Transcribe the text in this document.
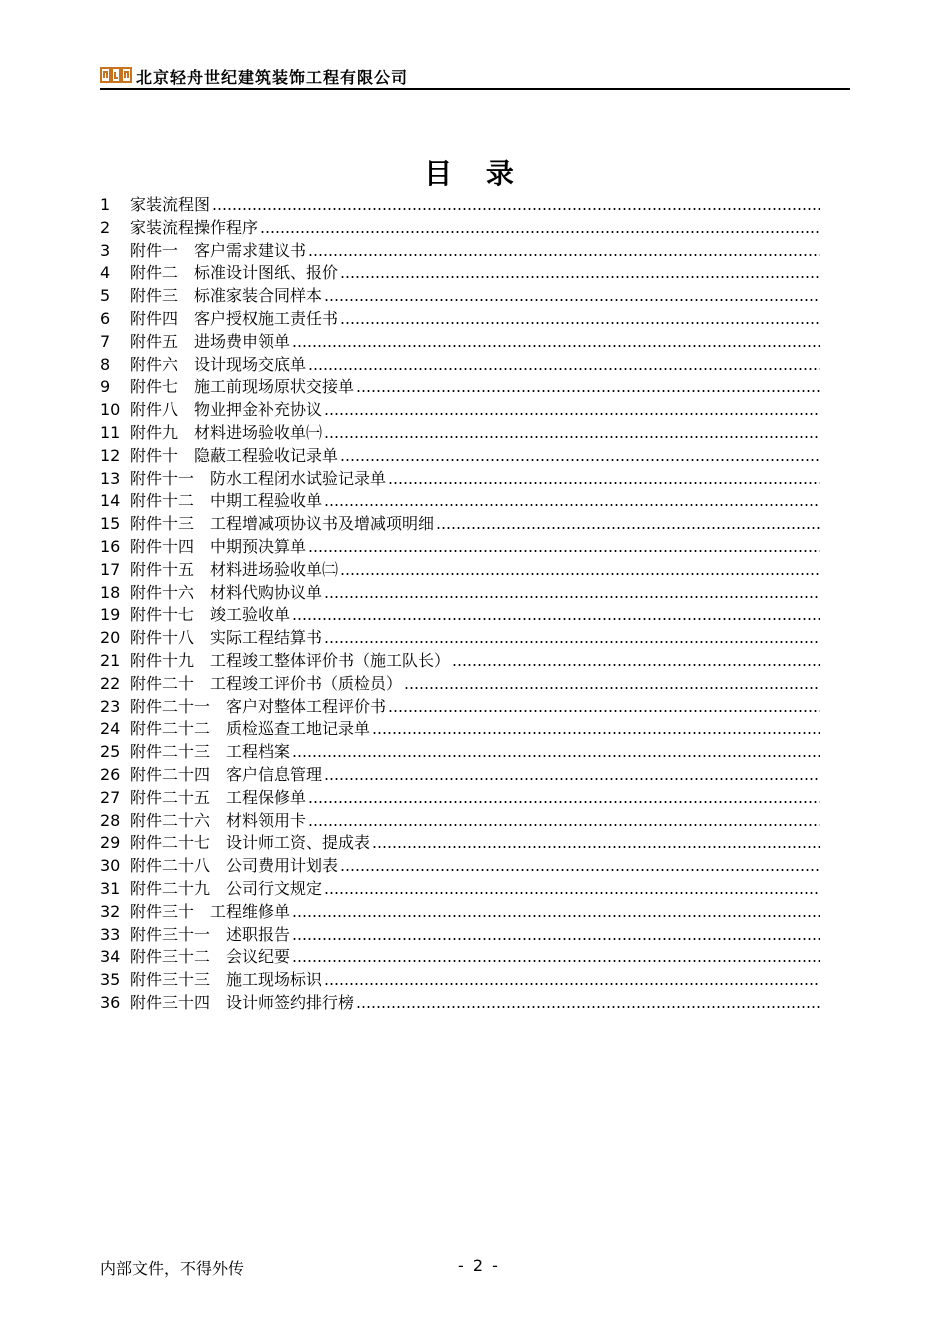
北京轻舟世纪建筑装饰工程有限公司
目 录
1	家装流程图
2	家装流程操作程序
3	附件一 客户需求建议书
4	附件二 标准设计图纸、报价
5	附件三 标准家装合同样本
6	附件四 客户授权施工责任书
7	附件五 进场费申领单
8	附件六 设计现场交底单
9	附件七 施工前现场原状交接单
10 附件八 物业押金补充协议
11 附件九 材料进场验收单㈠
12 附件十 隐蔽工程验收记录单
13 附件十一 防水工程闭水试验记录单
14 附件十二 中期工程验收单
15 附件十三 工程增减项协议书及增减项明细
16 附件十四 中期预决算单
17 附件十五 材料进场验收单㈡
18 附件十六 材料代购协议单
19 附件十七 竣工验收单
20 附件十八 实际工程结算书
21 附件十九 工程竣工整体评价书（施工队长）
22 附件二十 工程竣工评价书（质检员）
23 附件二十一 客户对整体工程评价书
24 附件二十二 质检巡查工地记录单
25 附件二十三 工程档案
26 附件二十四 客户信息管理
27 附件二十五 工程保修单
28 附件二十六 材料领用卡
29 附件二十七 设计师工资、提成表
30 附件二十八 公司费用计划表
31 附件二十九 公司行文规定
32 附件三十 工程维修单
33 附件三十一 述职报告
34 附件三十二 会议纪要
35 附件三十三 施工现场标识
36 附件三十四 设计师签约排行榜
内部文件，不得外传	- 2 -
